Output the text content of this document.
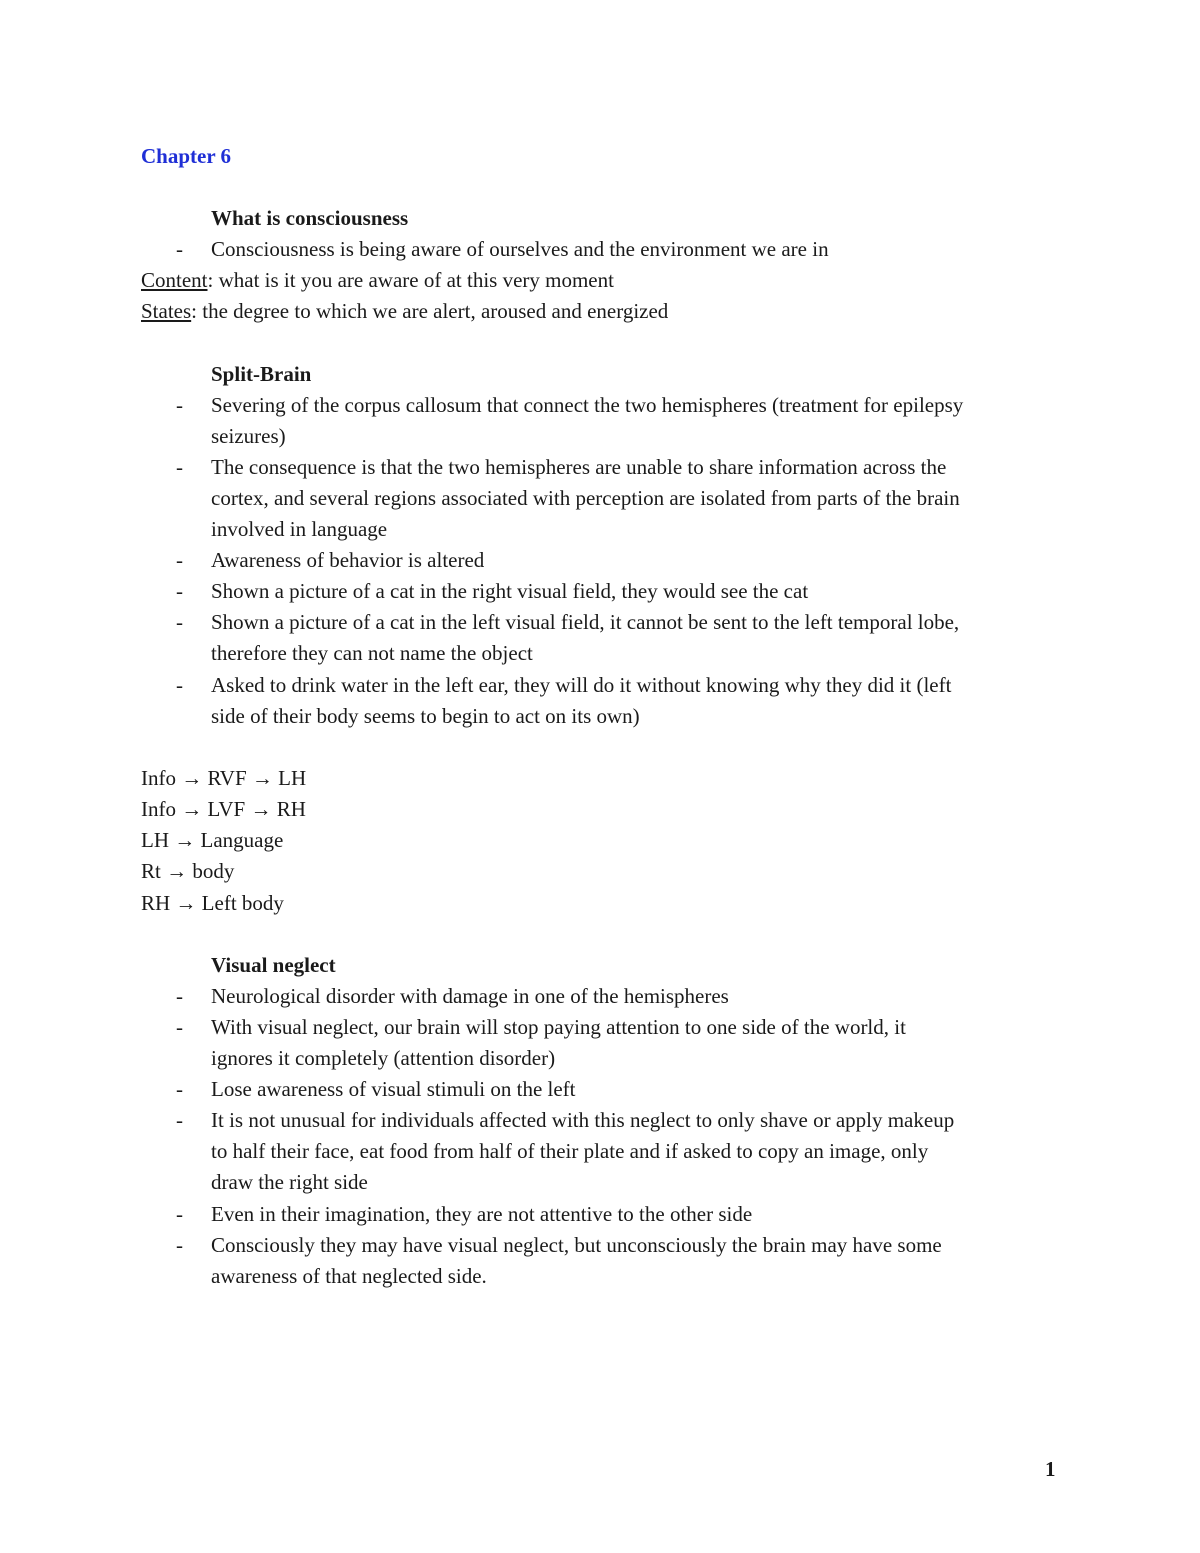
Chapter 6
What is consciousness
- Consciousness is being aware of ourselves and the environment we are in
Content: what is it you are aware of at this very moment
States: the degree to which we are alert, aroused and energized
Split-Brain
- Severing of the corpus callosum that connect the two hemispheres (treatment for epilepsy
seizures)
- The consequence is that the two hemispheres are unable to share information across the
cortex, and several regions associated with perception are isolated from parts of the brain
involved in language
- Awareness of behavior is altered
- Shown a picture of a cat in the right visual field, they would see the cat
- Shown a picture of a cat in the left visual field, it cannot be sent to the left temporal lobe,
therefore they can not name the object
- Asked to drink water in the left ear, they will do it without knowing why they did it (left
side of their body seems to begin to act on its own)
Info → RVF → LH
Info → LVF → RH
LH → Language
Rt → body
RH → Left body
Visual neglect
- Neurological disorder with damage in one of the hemispheres
- With visual neglect, our brain will stop paying attention to one side of the world, it
ignores it completely (attention disorder)
- Lose awareness of visual stimuli on the left
- It is not unusual for individuals affected with this neglect to only shave or apply makeup
to half their face, eat food from half of their plate and if asked to copy an image, only
draw the right side
- Even in their imagination, they are not attentive to the other side
- Consciously they may have visual neglect, but unconsciously the brain may have some
awareness of that neglected side.
1
